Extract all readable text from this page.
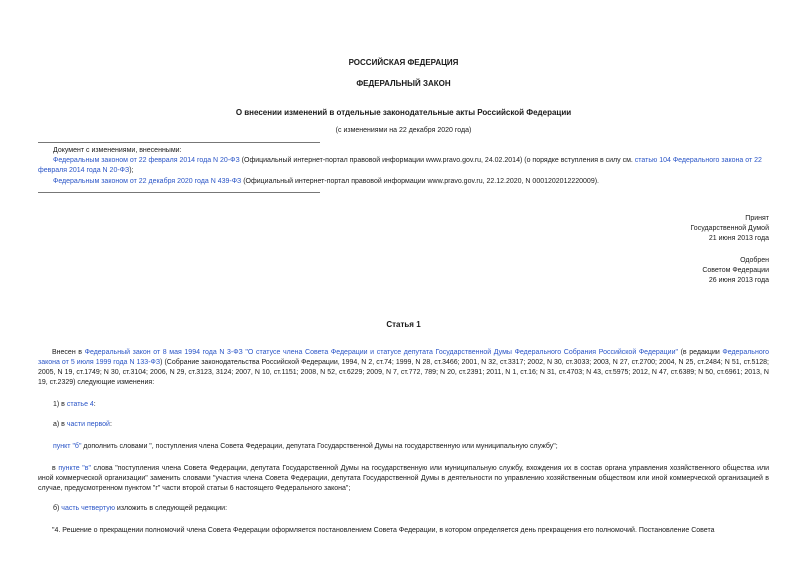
РОССИЙСКАЯ ФЕДЕРАЦИЯ
ФЕДЕРАЛЬНЫЙ ЗАКОН
О внесении изменений в отдельные законодательные акты Российской Федерации
(с изменениями на 22 декабря 2020 года)
Документ с изменениями, внесенными:
Федеральным законом от 22 февраля 2014 года N 20-ФЗ (Официальный интернет-портал правовой информации www.pravo.gov.ru, 24.02.2014) (о порядке вступления в силу см. статью 104 Федерального закона от 22 февраля 2014 года N 20-ФЗ);
Федеральным законом от 22 декабря 2020 года N 439-ФЗ (Официальный интернет-портал правовой информации www.pravo.gov.ru, 22.12.2020, N 0001202012220009).
Принят
Государственной Думой
21 июня 2013 года
Одобрен
Советом Федерации
26 июня 2013 года
Статья 1
Внесен в Федеральный закон от 8 мая 1994 года N 3-ФЗ "О статусе члена Совета Федерации и статусе депутата Государственной Думы Федерального Собрания Российской Федерации" (в редакции Федерального закона от 5 июля 1999 года N 133-ФЗ) (Собрание законодательства Российской Федерации, 1994, N 2, ст.74; 1999, N 28, ст.3466; 2001, N 32, ст.3317; 2002, N 30, ст.3033; 2003, N 27, ст.2700; 2004, N 25, ст.2484; N 51, ст.5128; 2005, N 19, ст.1749; N 30, ст.3104; 2006, N 29, ст.3123, 3124; 2007, N 10, ст.1151; 2008, N 52, ст.6229; 2009, N 7, ст.772, 789; N 20, ст.2391; 2011, N 1, ст.16; N 31, ст.4703; N 43, ст.5975; 2012, N 47, ст.6389; N 50, ст.6961; 2013, N 19, ст.2329) следующие изменения:
1) в статье 4:
а) в части первой:
пункт "б" дополнить словами ", поступления члена Совета Федерации, депутата Государственной Думы на государственную или муниципальную службу";
в пункте "в" слова "поступления члена Совета Федерации, депутата Государственной Думы на государственную или муниципальную службу, вхождения их в состав органа управления хозяйственного общества или иной коммерческой организации" заменить словами "участия члена Совета Федерации, депутата Государственной Думы в деятельности по управлению хозяйственным обществом или иной коммерческой организацией в случае, предусмотренном пунктом "г" части второй статьи 6 настоящего Федерального закона";
б) часть четвертую изложить в следующей редакции:
"4. Решение о прекращении полномочий члена Совета Федерации оформляется постановлением Совета Федерации, в котором определяется день прекращения его полномочий. Постановление Совета
